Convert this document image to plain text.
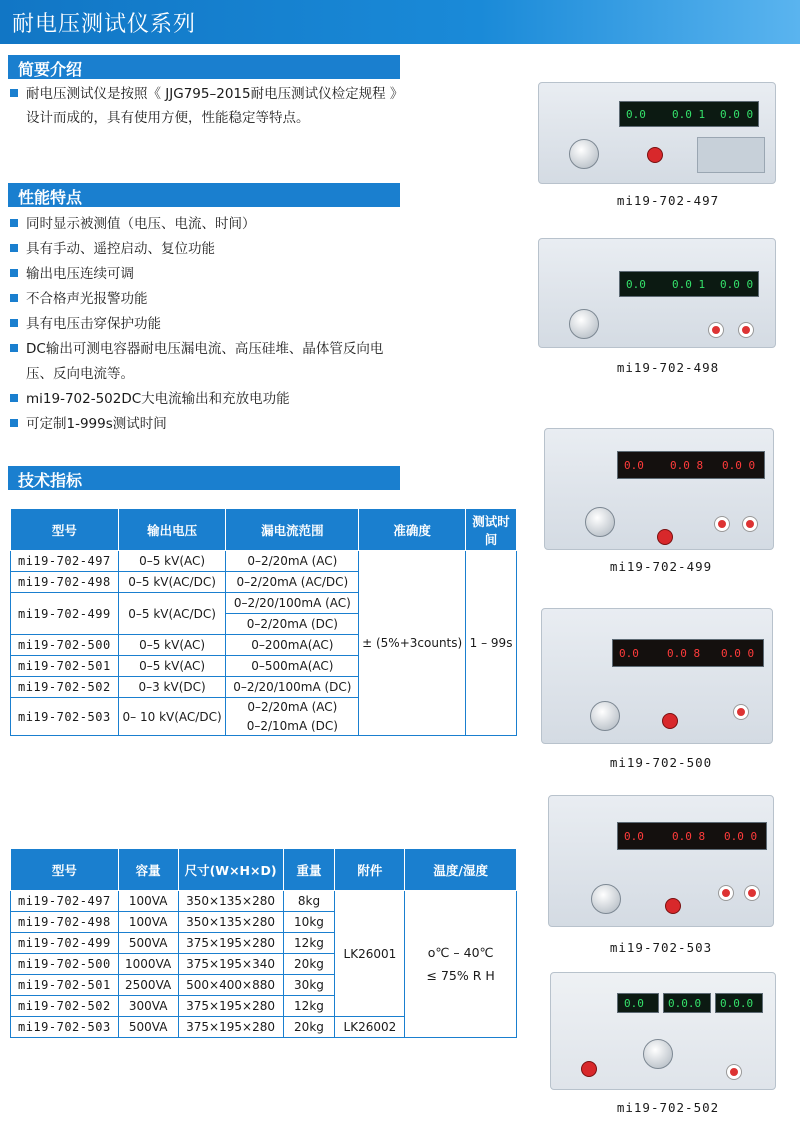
耐电压测试仪系列
简要介绍
耐电压测试仪是按照《 JJG795–2015耐电压测试仪检定规程 》
设计而成的，具有使用方便，性能稳定等特点。
性能特点
同时显示被测值（电压、电流、时间）
具有手动、遥控启动、复位功能
输出电压连续可调
不合格声光报警功能
具有电压击穿保护功能
DC输出可测电容器耐电压漏电流、高压硅堆、晶体管反向电
压、反向电流等。
mi19-702-502DC大电流输出和充放电功能
可定制1-999s测试时间
技术指标
型号	输出电压	漏电流范围	准确度	测试时间
mi19-702-497	0–5 kV(AC)	0–2/20mA (AC)	± (5%+3counts)	1 – 99s
mi19-702-498	0–5 kV(AC/DC)	0–2/20mA (AC/DC)		
mi19-702-499	0–5 kV(AC/DC)	0–2/20/100mA (AC)		
		0–2/20mA (DC)		
mi19-702-500	0–5 kV(AC)	0–200mA(AC)		
mi19-702-501	0–5 kV(AC)	0–500mA(AC)		
mi19-702-502	0–3 kV(DC)	0–2/20/100mA (DC)		
mi19-702-503	0– 10 kV(AC/DC)	0–2/20mA (AC)		
		0–2/10mA (DC)		
型号	容量	尺寸(W×H×D)	重量	附件	温度/湿度
mi19-702-497	100VA	350×135×280	8kg	LK26001	o℃ – 40℃
≤ 75% R H

mi19-702-498	100VA	350×135×280	10kg		
mi19-702-499	500VA	375×195×280	12kg		
mi19-702-500	1000VA	375×195×340	20kg		
mi19-702-501	2500VA	500×400×880	30kg		
mi19-702-502	300VA	375×195×280	12kg		
mi19-702-503	500VA	375×195×280	20kg	LK26002	
0.0 0.0 1 0.0 0
mi19-702-497
0.0 0.0 1 0.0 0
mi19-702-498
0.0 0.0 8 0.0 0
mi19-702-499
0.0	0.0 8 0.0 0
mi19-702-500
0.0	0.0 8 0.0 0
mi19-702-503
0.0 0.0.0 0.0.0
mi19-702-502
